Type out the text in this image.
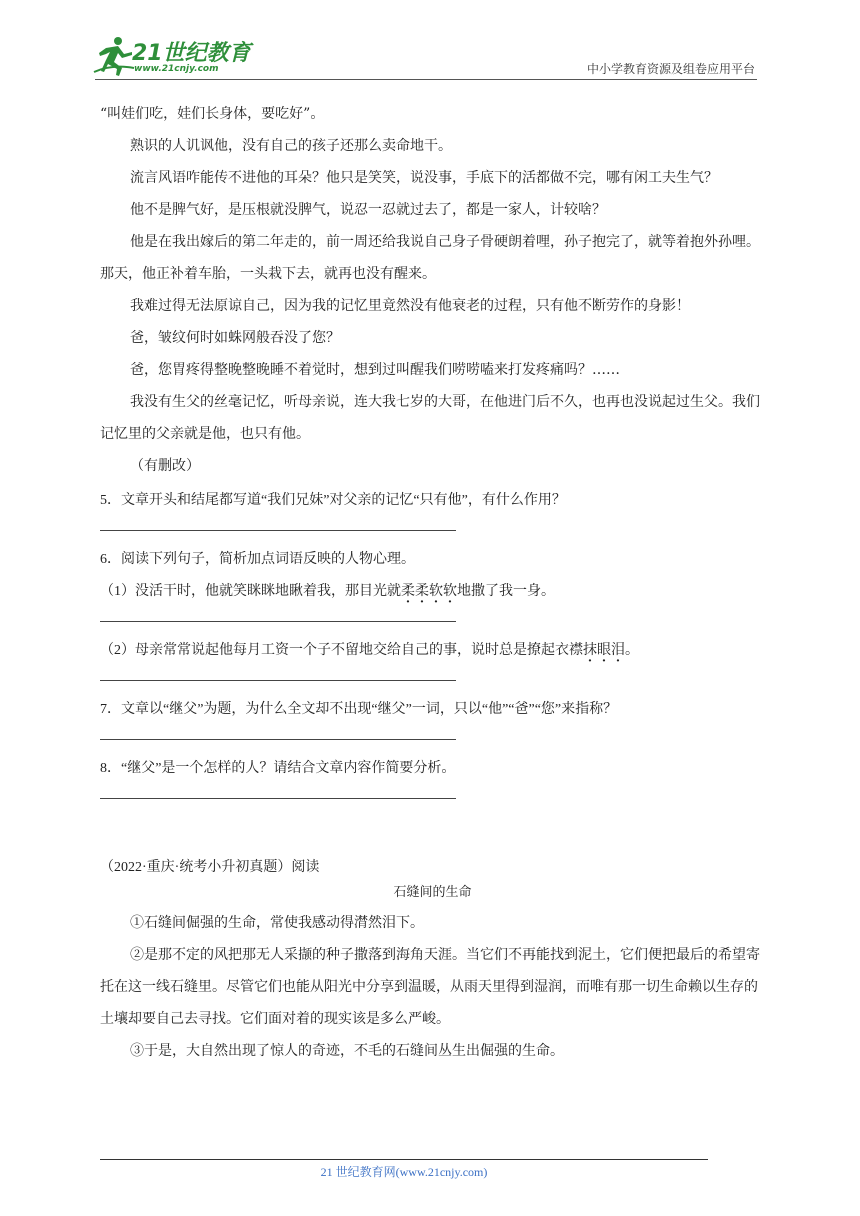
21世纪教育
www.21cnjy.com	中小学教育资源及组卷应用平台

“叫娃们吃，娃们长身体，要吃好”。

熟识的人讥讽他，没有自己的孩子还那么卖命地干。

流言风语咋能传不进他的耳朵？他只是笑笑，说没事，手底下的活都做不完，哪有闲工夫生气？

他不是脾气好，是压根就没脾气，说忍一忍就过去了，都是一家人，计较啥？

他是在我出嫁后的第二年走的，前一周还给我说自己身子骨硬朗着哩，孙子抱完了，就等着抱外孙哩。那天，他正补着车胎，一头栽下去，就再也没有醒来。

我难过得无法原谅自己，因为我的记忆里竟然没有他衰老的过程，只有他不断劳作的身影！

爸，皱纹何时如蛛网般吞没了您？

爸，您胃疼得整晚整晚睡不着觉时，想到过叫醒我们唠唠嗑来打发疼痛吗？……

我没有生父的丝毫记忆，听母亲说，连大我七岁的大哥，在他进门后不久，也再也没说起过生父。我们记忆里的父亲就是他，也只有他。

（有删改）

5．文章开头和结尾都写道“我们兄妹”对父亲的记忆“只有他”，有什么作用？

6．阅读下列句子，简析加点词语反映的人物心理。

（1）没活干时，他就笑眯眯地瞅着我，那目光就柔柔软软地撒了我一身。

（2）母亲常常说起他每月工资一个子不留地交给自己的事，说时总是撩起衣襟抹眼泪。

7．文章以“继父”为题，为什么全文却不出现“继父”一词，只以“他”“爸”“您”来指称？

8．“继父”是一个怎样的人？请结合文章内容作简要分析。

（2022·重庆·统考小升初真题）阅读

石缝间的生命

①石缝间倔强的生命，常使我感动得潸然泪下。

②是那不定的风把那无人采撷的种子撒落到海角天涯。当它们不再能找到泥土，它们便把最后的希望寄托在这一线石缝里。尽管它们也能从阳光中分享到温暖，从雨天里得到湿润，而唯有那一切生命赖以生存的土壤却要自己去寻找。它们面对着的现实该是多么严峻。

③于是，大自然出现了惊人的奇迹，不毛的石缝间丛生出倔强的生命。

21 世纪教育网(www.21cnjy.com)
